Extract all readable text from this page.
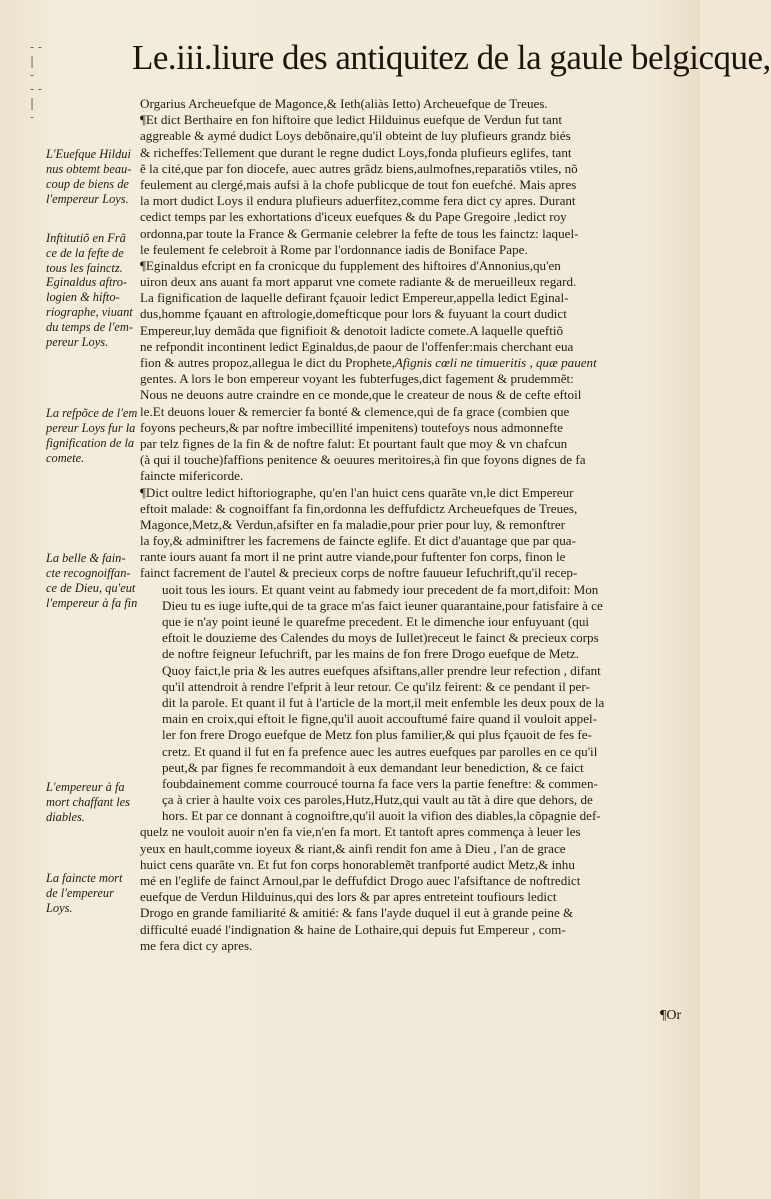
- -
|
-
- -
|
-
Le.iii.liure des antiquitez de la gaule belgicque,
Orgarius Archeuefque de Magonce,& Ieth(aliàs Ietto) Archeuefque de Treues.
¶Et dict Berthaire en fon hiftoire que ledict Hilduinus euefque de Verdun fut tant
aggreable & aymé dudict Loys debõnaire,qu'il obteint de luy plufieurs grandz biés
& richeffes:Tellement que durant le regne dudict Loys,fonda plufieurs eglifes, tant
ẽ la cité,que par fon diocefe, auec autres grãdz biens,aulmofnes,reparatiõs vtiles, nõ
feulement au clergé,mais aufsi à la chofe publicque de tout fon euefché. Mais apres
la mort dudict Loys il endura plufieurs aduerfitez,comme fera dict cy apres. Durant
cedict temps par les exhortations d'iceux euefques & du Pape Gregoire ,ledict roy
ordonna,par toute la France & Germanie celebrer la fefte de tous les fainctz: laquel-
le feulement fe celebroit à Rome par l'ordonnance iadis de Boniface Pape.
¶Eginaldus efcript en fa cronicque du fupplement des hiftoires d'Annonius,qu'en
uiron deux ans auant fa mort apparut vne comete radiante & de merueilleux regard.
La fignification de laquelle defirant fçauoir ledict Empereur,appella ledict Eginal-
dus,homme fçauant en aftrologie,domefticque pour lors & fuyuant la court dudict
Empereur,luy demãda que fignifioit & denotoit ladicte comete.A laquelle queftiõ
ne refpondit incontinent ledict Eginaldus,de paour de l'offenfer:mais cherchant eua
fion & autres propoz,allegua le dict du Prophete,Afignis cœli ne timueritis , quæ pauent
gentes. A lors le bon empereur voyant les fubterfuges,dict fagement & prudemmẽt:
Nous ne deuons autre craindre en ce monde,que le createur de nous & de cefte eftoil
le.Et deuons louer & remercier fa bonté & clemence,qui de fa grace (combien que
foyons pecheurs,& par noftre imbecillité impenitens) toutefoys nous admonnefte
par telz fignes de la fin & de noftre falut: Et pourtant fault que moy & vn chafcun
(à qui il touche)faffions penitence & oeuures meritoires,à fin que foyons dignes de fa
faincte mifericorde.
¶Dict oultre ledict hiftoriographe, qu'en l'an huict cens quarãte vn,le dict Empereur
eftoit malade: & cognoiffant fa fin,ordonna les deffufdictz Archeuefques de Treues,
Magonce,Metz,& Verdun,afsifter en fa maladie,pour prier pour luy, & remonftrer
la foy,& adminiftrer les facremens de faincte eglife. Et dict d'auantage que par qua-
rante iours auant fa mort il ne print autre viande,pour fuftenter fon corps, finon le
fainct facrement de l'autel & precieux corps de noftre fauueur Iefuchrift,qu'il recep-
uoit tous les iours. Et quant veint au fabmedy iour precedent de fa mort,difoit: Mon
Dieu tu es iuge iufte,qui de ta grace m'as faict ieuner quarantaine,pour fatisfaire à ce
que ie n'ay point ieuné le quarefme precedent. Et le dimenche iour enfuyuant (qui
eftoit le douzieme des Calendes du moys de Iullet)receut le fainct & precieux corps
de noftre feigneur Iefuchrift, par les mains de fon frere Drogo euefque de Metz.
Quoy faict,le pria & les autres euefques afsiftans,aller prendre leur refection , difant
qu'il attendroit à rendre l'efprit à leur retour. Ce qu'ilz feirent: & ce pendant il per-
dit la parole. Et quant il fut à l'article de la mort,il meit enfemble les deux poux de la
main en croix,qui eftoit le figne,qu'il auoit accouftumé faire quand il vouloit appel-
ler fon frere Drogo euefque de Metz fon plus familier,& qui plus fçauoit de fes fe-
cretz. Et quand il fut en fa prefence auec les autres euefques par parolles en ce qu'il
peut,& par fignes fe recommandoit à eux demandant leur benediction, & ce faict
foubdainement comme courroucé tourna fa face vers la partie feneftre: & commen-
ça à crier à haulte voix ces paroles,Hutz,Hutz,qui vault au tãt à dire que dehors, de
hors. Et par ce donnant à cognoiftre,qu'il auoit la vifion des diables,la cõpagnie def-
quelz ne vouloit auoir n'en fa vie,n'en fa mort. Et tantoft apres commença à leuer les
yeux en hault,comme ioyeux & riant,& ainfi rendit fon ame à Dieu , l'an de grace
huict cens quarãte vn. Et fut fon corps honorablemẽt tranfporté audict Metz,& inhu
mé en l'eglife de fainct Arnoul,par le deffufdict Drogo auec l'afsiftance de noftredict
euefque de Verdun Hilduinus,qui des lors & par apres entreteint toufiours ledict
Drogo en grande familiarité & amitié: & fans l'ayde duquel il eut à grande peine &
difficulté euadé l'indignation & haine de Lothaire,qui depuis fut Empereur , com-
me fera dict cy apres.
L'Euefque Hildui
nus obtemt beau-
coup de biens de
l'empereur Loys.
Inftitutiõ en Frã
ce de la fefte de
tous les fainctz.
Eginaldus aftro-
logien & hifto-
riographe, viuant
du temps de l'em-
pereur Loys.
La refpõce de l'em
pereur Loys fur la
fignification de la
comete.
La belle & fain-
cte recognoiffan-
ce de Dieu, qu'eut
l'empereur à fa fin
L'empereur à fa
mort chaffant les
diables.
La faincte mort
de l'empereur
Loys.
¶Or
